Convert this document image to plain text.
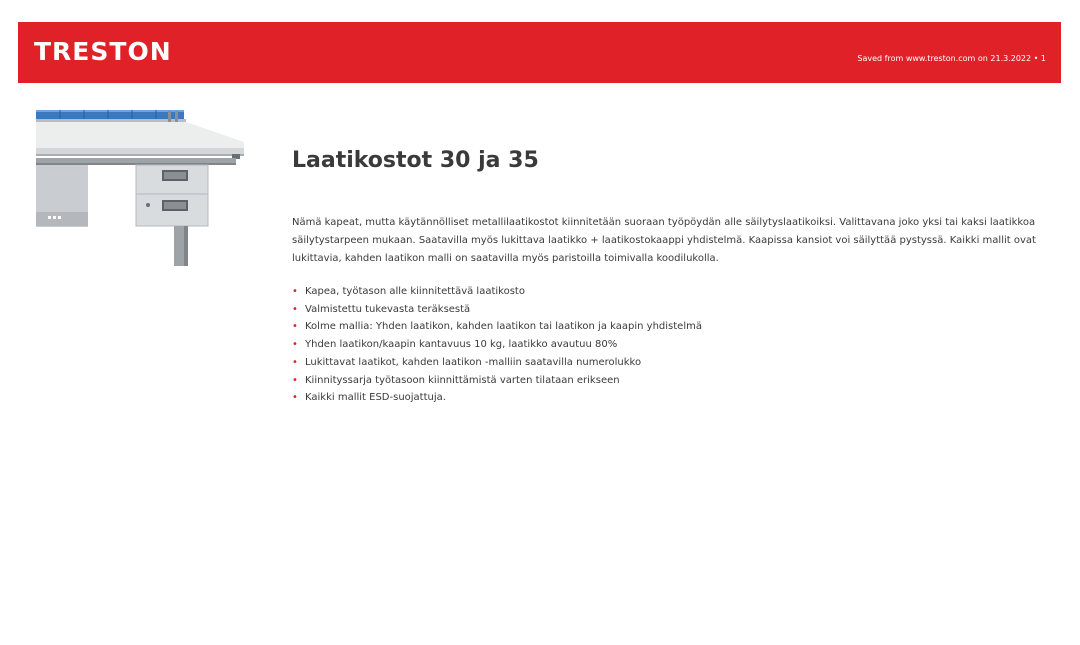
TRESTON	Saved from www.treston.com on 21.3.2022 • 1
Laatikostot 30 ja 35

Nämä kapeat, mutta käytännölliset metallilaatikostot kiinnitetään suoraan työpöydän alle säilytyslaatikoiksi. Valittavana joko yksi tai kaksi laatikkoa säilytystarpeen mukaan. Saatavilla myös lukittava laatikko + laatikostokaappi yhdistelmä. Kaapissa kansiot voi säilyttää pystyssä. Kaikki mallit ovat lukittavia, kahden laatikon malli on saatavilla myös paristoilla toimivalla koodilukolla.

• Kapea, työtason alle kiinnitettävä laatikosto
• Valmistettu tukevasta teräksestä
• Kolme mallia: Yhden laatikon, kahden laatikon tai laatikon ja kaapin yhdistelmä
• Yhden laatikon/kaapin kantavuus 10 kg, laatikko avautuu 80%
• Lukittavat laatikot, kahden laatikon -malliin saatavilla numerolukko
• Kiinnityssarja työtasoon kiinnittämistä varten tilataan erikseen
• Kaikki mallit ESD-suojattuja.
